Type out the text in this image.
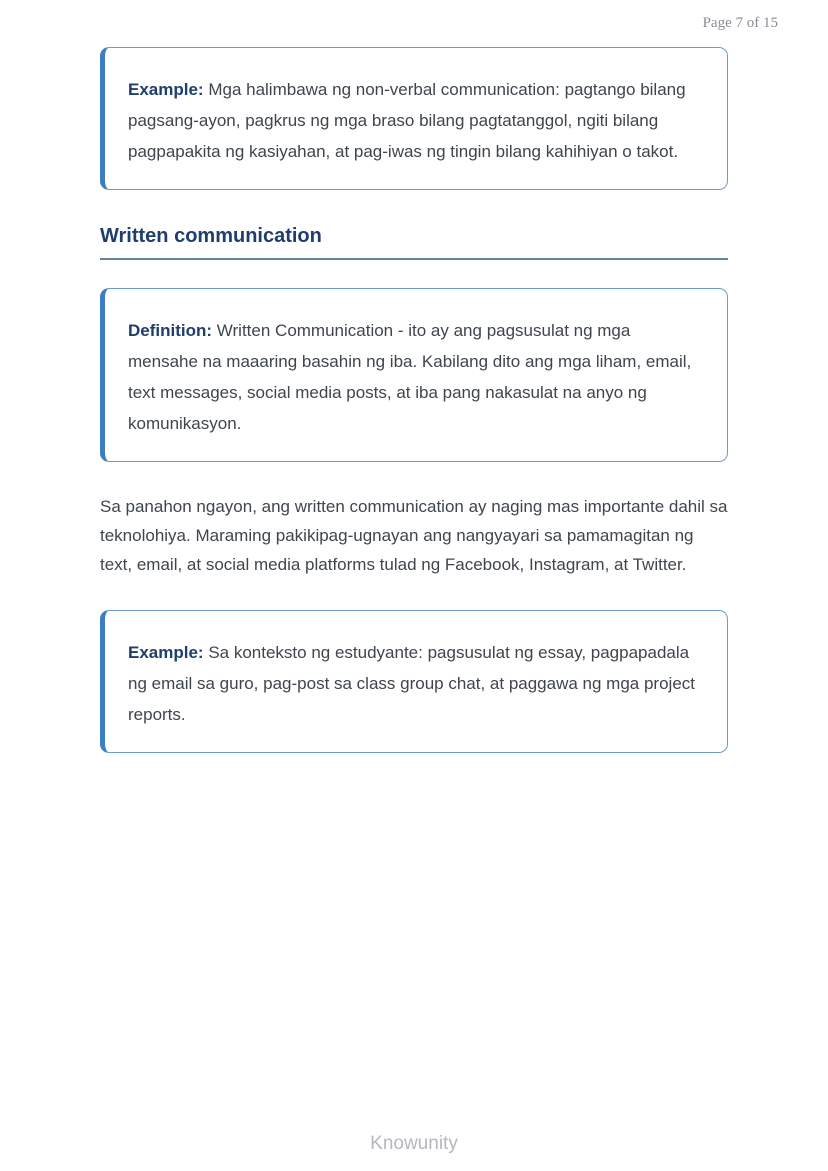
Page 7 of 15
Example: Mga halimbawa ng non-verbal communication: pagtango bilang pagsang-ayon, pagkrus ng mga braso bilang pagtatanggol, ngiti bilang pagpapakita ng kasiyahan, at pag-iwas ng tingin bilang kahihiyan o takot.
Written communication
Definition: Written Communication - ito ay ang pagsusulat ng mga mensahe na maaaring basahin ng iba. Kabilang dito ang mga liham, email, text messages, social media posts, at iba pang nakasulat na anyo ng komunikasyon.

Sa panahon ngayon, ang written communication ay naging mas importante dahil sa teknolohiya. Maraming pakikipag-ugnayan ang nangyayari sa pamamagitan ng text, email, at social media platforms tulad ng Facebook, Instagram, at Twitter.

Example: Sa konteksto ng estudyante: pagsusulat ng essay, pagpapadala ng email sa guro, pag-post sa class group chat, at paggawa ng mga project reports.
Knowunity
